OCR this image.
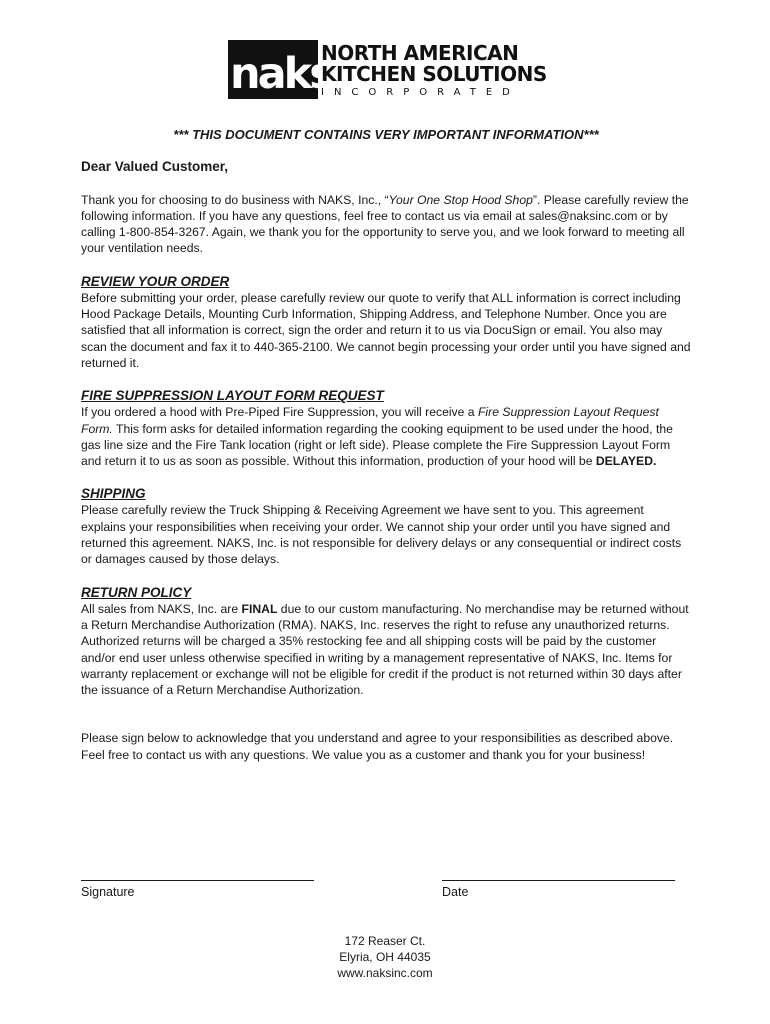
naks
NORTH AMERICAN
KITCHEN SOLUTIONS
INCORPORATED
*** THIS DOCUMENT CONTAINS VERY IMPORTANT INFORMATION***
Dear Valued Customer,

Thank you for choosing to do business with NAKS, Inc., “Your One Stop Hood Shop”. Please carefully review the following information. If you have any questions, feel free to contact us via email at sales@naksinc.com or by calling 1-800-854-3267. Again, we thank you for the opportunity to serve you, and we look forward to meeting all your ventilation needs.

REVIEW YOUR ORDER

Before submitting your order, please carefully review our quote to verify that ALL information is correct including Hood Package Details, Mounting Curb Information, Shipping Address, and Telephone Number. Once you are satisfied that all information is correct, sign the order and return it to us via DocuSign or email. You also may scan the document and fax it to 440-365-2100. We cannot begin processing your order until you have signed and returned it.

FIRE SUPPRESSION LAYOUT FORM REQUEST

If you ordered a hood with Pre-Piped Fire Suppression, you will receive a Fire Suppression Layout Request Form. This form asks for detailed information regarding the cooking equipment to be used under the hood, the gas line size and the Fire Tank location (right or left side). Please complete the Fire Suppression Layout Form and return it to us as soon as possible. Without this information, production of your hood will be DELAYED.

SHIPPING

Please carefully review the Truck Shipping & Receiving Agreement we have sent to you. This agreement explains your responsibilities when receiving your order. We cannot ship your order until you have signed and returned this agreement. NAKS, Inc. is not responsible for delivery delays or any consequential or indirect costs or damages caused by those delays.

RETURN POLICY

All sales from NAKS, Inc. are FINAL due to our custom manufacturing. No merchandise may be returned without a Return Merchandise Authorization (RMA). NAKS, Inc. reserves the right to refuse any unauthorized returns. Authorized returns will be charged a 35% restocking fee and all shipping costs will be paid by the customer and/or end user unless otherwise specified in writing by a management representative of NAKS, Inc. Items for warranty replacement or exchange will not be eligible for credit if the product is not returned within 30 days after the issuance of a Return Merchandise Authorization.

Please sign below to acknowledge that you understand and agree to your responsibilities as described above. Feel free to contact us with any questions. We value you as a customer and thank you for your business!

Signature	Date
172 Reaser Ct.
Elyria, OH 44035
www.naksinc.com
